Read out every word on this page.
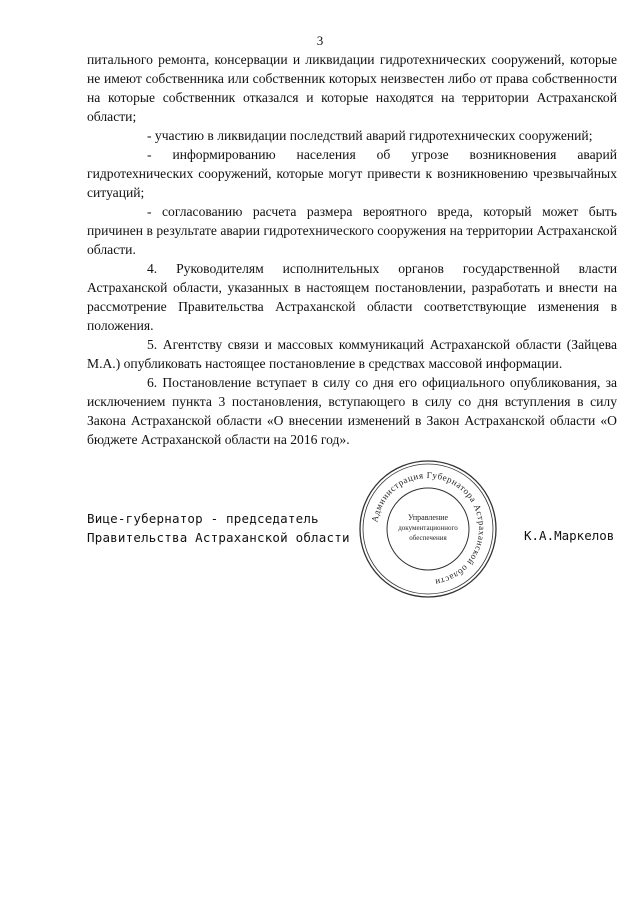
3

питального ремонта, консервации и ликвидации гидротехнических сооружений, которые не имеют собственника или собственник которых неизвестен либо от права собственности на которые собственник отказался и которые находятся на территории Астраханской области;

- участию в ликвидации последствий аварий гидротехнических сооружений;

- информированию населения об угрозе возникновения аварий гидротехнических сооружений, которые могут привести к возникновению чрезвычайных ситуаций;

- согласованию расчета размера вероятного вреда, который может быть причинен в результате аварии гидротехнического сооружения на территории Астраханской области.

4. Руководителям исполнительных органов государственной власти Астраханской области, указанных в настоящем постановлении, разработать и внести на рассмотрение Правительства Астраханской области соответствующие изменения в положения.

5. Агентству связи и массовых коммуникаций Астраханской области (Зайцева М.А.) опубликовать настоящее постановление в средствах массовой информации.

6. Постановление вступает в силу со дня его официального опубликования, за исключением пункта 3 постановления, вступающего в силу со дня вступления в силу Закона Астраханской области «О внесении изменений в Закон Астраханской области «О бюджете Астраханской области на 2016 год».

Вице-губернатор - председатель
Правительства Астраханской области	К.А.Маркелов
Администрация Губернатора Астраханской области
Управление
документационного
обеспечения
